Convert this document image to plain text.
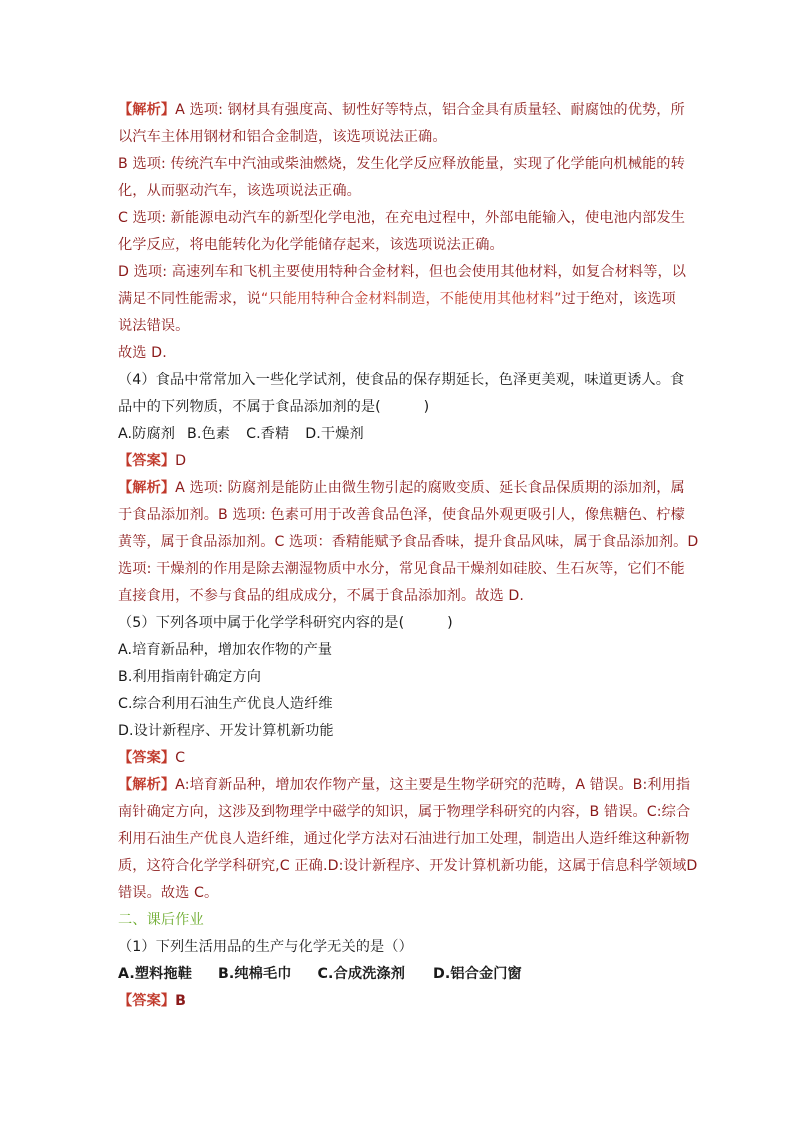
【解析】A 选项: 钢材具有强度高、韧性好等特点，铝合金具有质量轻、耐腐蚀的优势，所
以汽车主体用钢材和铝合金制造，该选项说法正确。
B 选项: 传统汽车中汽油或柴油燃烧，发生化学反应释放能量，实现了化学能向机械能的转
化，从而驱动汽车，该选项说法正确。
C 选项: 新能源电动汽车的新型化学电池，在充电过程中，外部电能输入，使电池内部发生
化学反应，将电能转化为化学能储存起来，该选项说法正确。
D 选项: 高速列车和飞机主要使用特种合金材料，但也会使用其他材料，如复合材料等，以
满足不同性能需求，说“只能用特种合金材料制造，不能使用其他材料”过于绝对，该选项
说法错误。
故选 D.
（4）食品中常常加入一些化学试剂，使食品的保存期延长，色泽更美观，味道更诱人。食
品中的下列物质，不属于食品添加剂的是(　　　)
A.防腐剂 B.色素 C.香精 D.干燥剂
【答案】D
【解析】A 选项: 防腐剂是能防止由微生物引起的腐败变质、延长食品保质期的添加剂，属
于食品添加剂。B 选项: 色素可用于改善食品色泽，使食品外观更吸引人，像焦糖色、柠檬
黄等，属于食品添加剂。C 选项：香精能赋予食品香味，提升食品风味，属于食品添加剂。D
选项: 干燥剂的作用是除去潮湿物质中水分，常见食品干燥剂如硅胶、生石灰等，它们不能
直接食用，不参与食品的组成成分，不属于食品添加剂。故选 D.
（5）下列各项中属于化学学科研究内容的是(　　　)
A.培育新品种，增加农作物的产量
B.利用指南针确定方向
C.综合利用石油生产优良人造纤维
D.设计新程序、开发计算机新功能
【答案】C
【解析】A:培育新品种，增加农作物产量，这主要是生物学研究的范畴，A 错误。B:利用指
南针确定方向，这涉及到物理学中磁学的知识，属于物理学科研究的内容，B 错误。C:综合
利用石油生产优良人造纤维，通过化学方法对石油进行加工处理，制造出人造纤维这种新物
质，这符合化学学科研究,C 正确.D:设计新程序、开发计算机新功能，这属于信息科学领域D
错误。故选 C。
二、课后作业
（1）下列生活用品的生产与化学无关的是（）
A.塑料拖鞋 B.纯棉毛巾 C.合成洗涤剂 D.铝合金门窗
【答案】B
